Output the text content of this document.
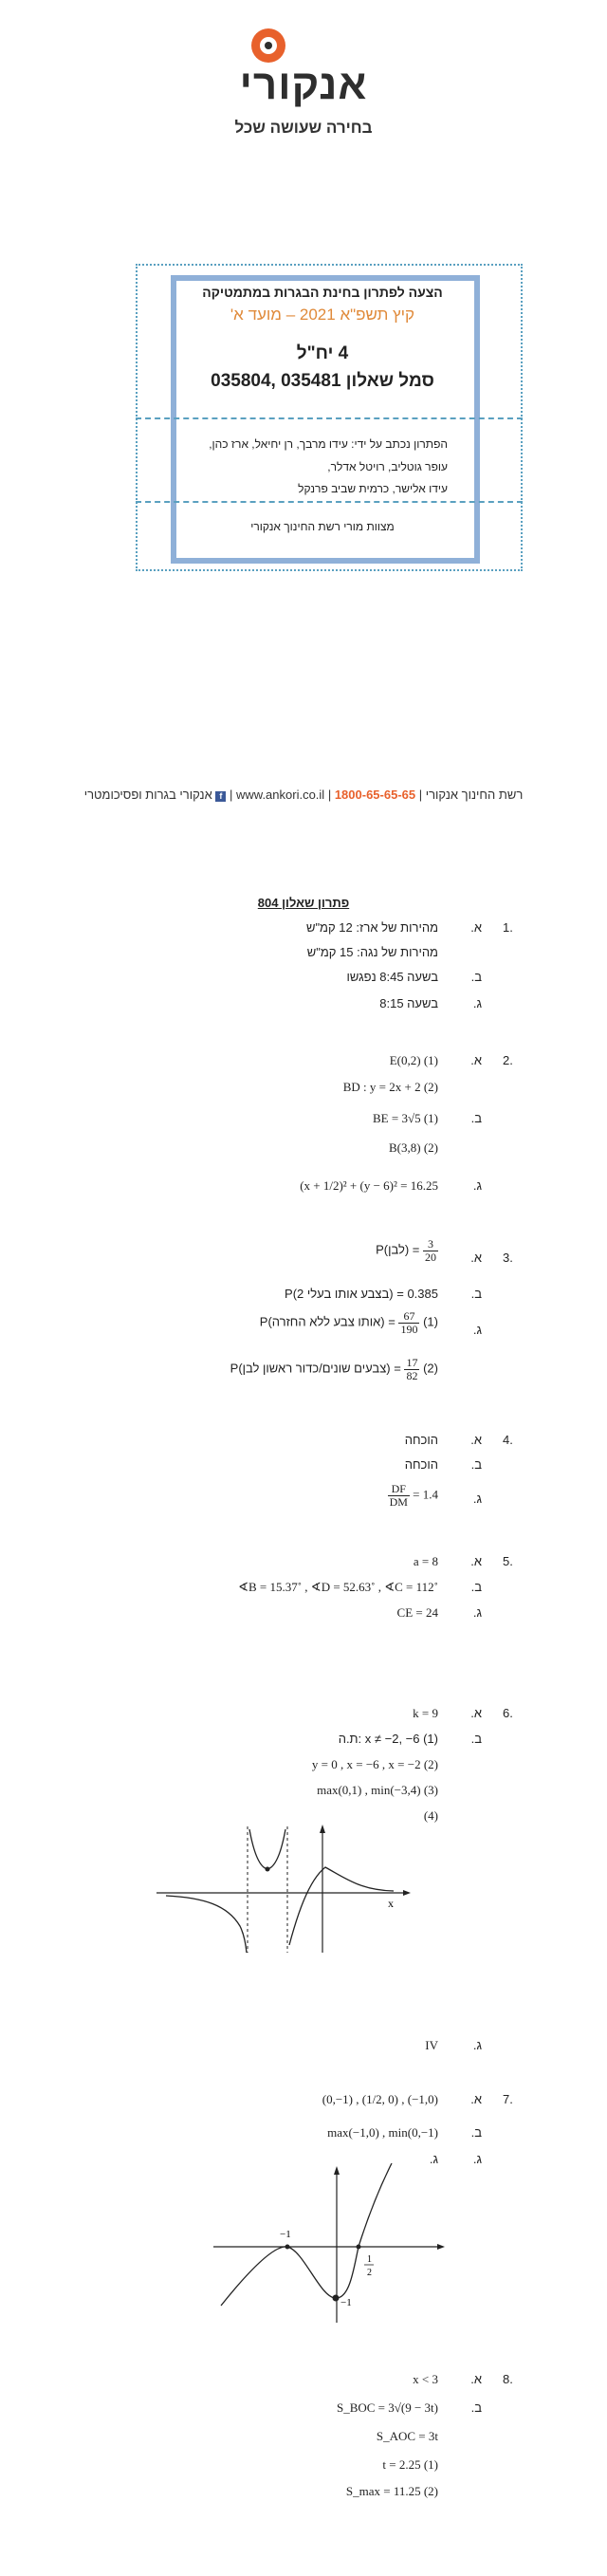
אנקורי
בחירה שעושה שכל
הצעה לפתרון בחינת הבגרות במתמטיקה
קיץ תשפ"א 2021 – מועד א'
4 יח"ל
סמל שאלון 035481 ,035804
הפתרון נכתב על ידי: עידו מרבך, רן יחיאל, ארז כהן,
עופר גוטליב, רויטל אדלר,
עידו אלישר, כרמית שביב פרנקל
מצוות מורי רשת החינוך אנקורי
רשת החינוך אנקורי | 1800-65-65-65 | www.ankori.co.il | f אנקורי בגרות ופסיכומטרי
פתרון שאלון 804
1.
א.
מהירות של ארז: 12 קמ"ש
מהירות של נגה: 15 קמ"ש
ב.
בשעה 8:45 נפגשו
ג.
בשעה 8:15
2.
א.
E(0,2) (1)
BD : y = 2x + 2 (2)
ב.
BE = 3√5 (1)
B(3,8) (2)
ג.
(x + 1/2)² + (y − 6)² = 16.25
3.
א.
P(לבן) = $\frac{3}{20}$
ב.
P(2 בצבע אותו בעלי) = 0.385
ג.
P(אותו צבע ללא החזרה) = $\frac{67}{190} (1)$
P(צבעים שונים/כדור ראשון לבן) = $\frac{17}{82} (2)$
4.
א.
הוכחה
ב.
הוכחה
ג.
$\frac{DF}{DM} = 1.4$
5.
א.
a = 8
ב.
∢B = 15.37˚ , ∢D = 52.63˚ , ∢C = 112˚
ג.
CE = 24
6.
א.
k = 9
ב.
ת.ה: x ≠ −2, −6 (1)
y = 0 , x = −6 , x = −2 (2)
max(0,1) , min(−3,4) (3)
(4)
x
ג.
IV
7.
א.
(0,−1) , (1/2, 0) , (−1,0)
ב.
max(−1,0) , min(0,−1)
ג.
ג.
−1
−1
1
2
8.
א.
x < 3
ב.
S_BOC = 3√(9 − 3t)
S_AOC = 3t
t = 2.25 (1)
S_max = 11.25 (2)
